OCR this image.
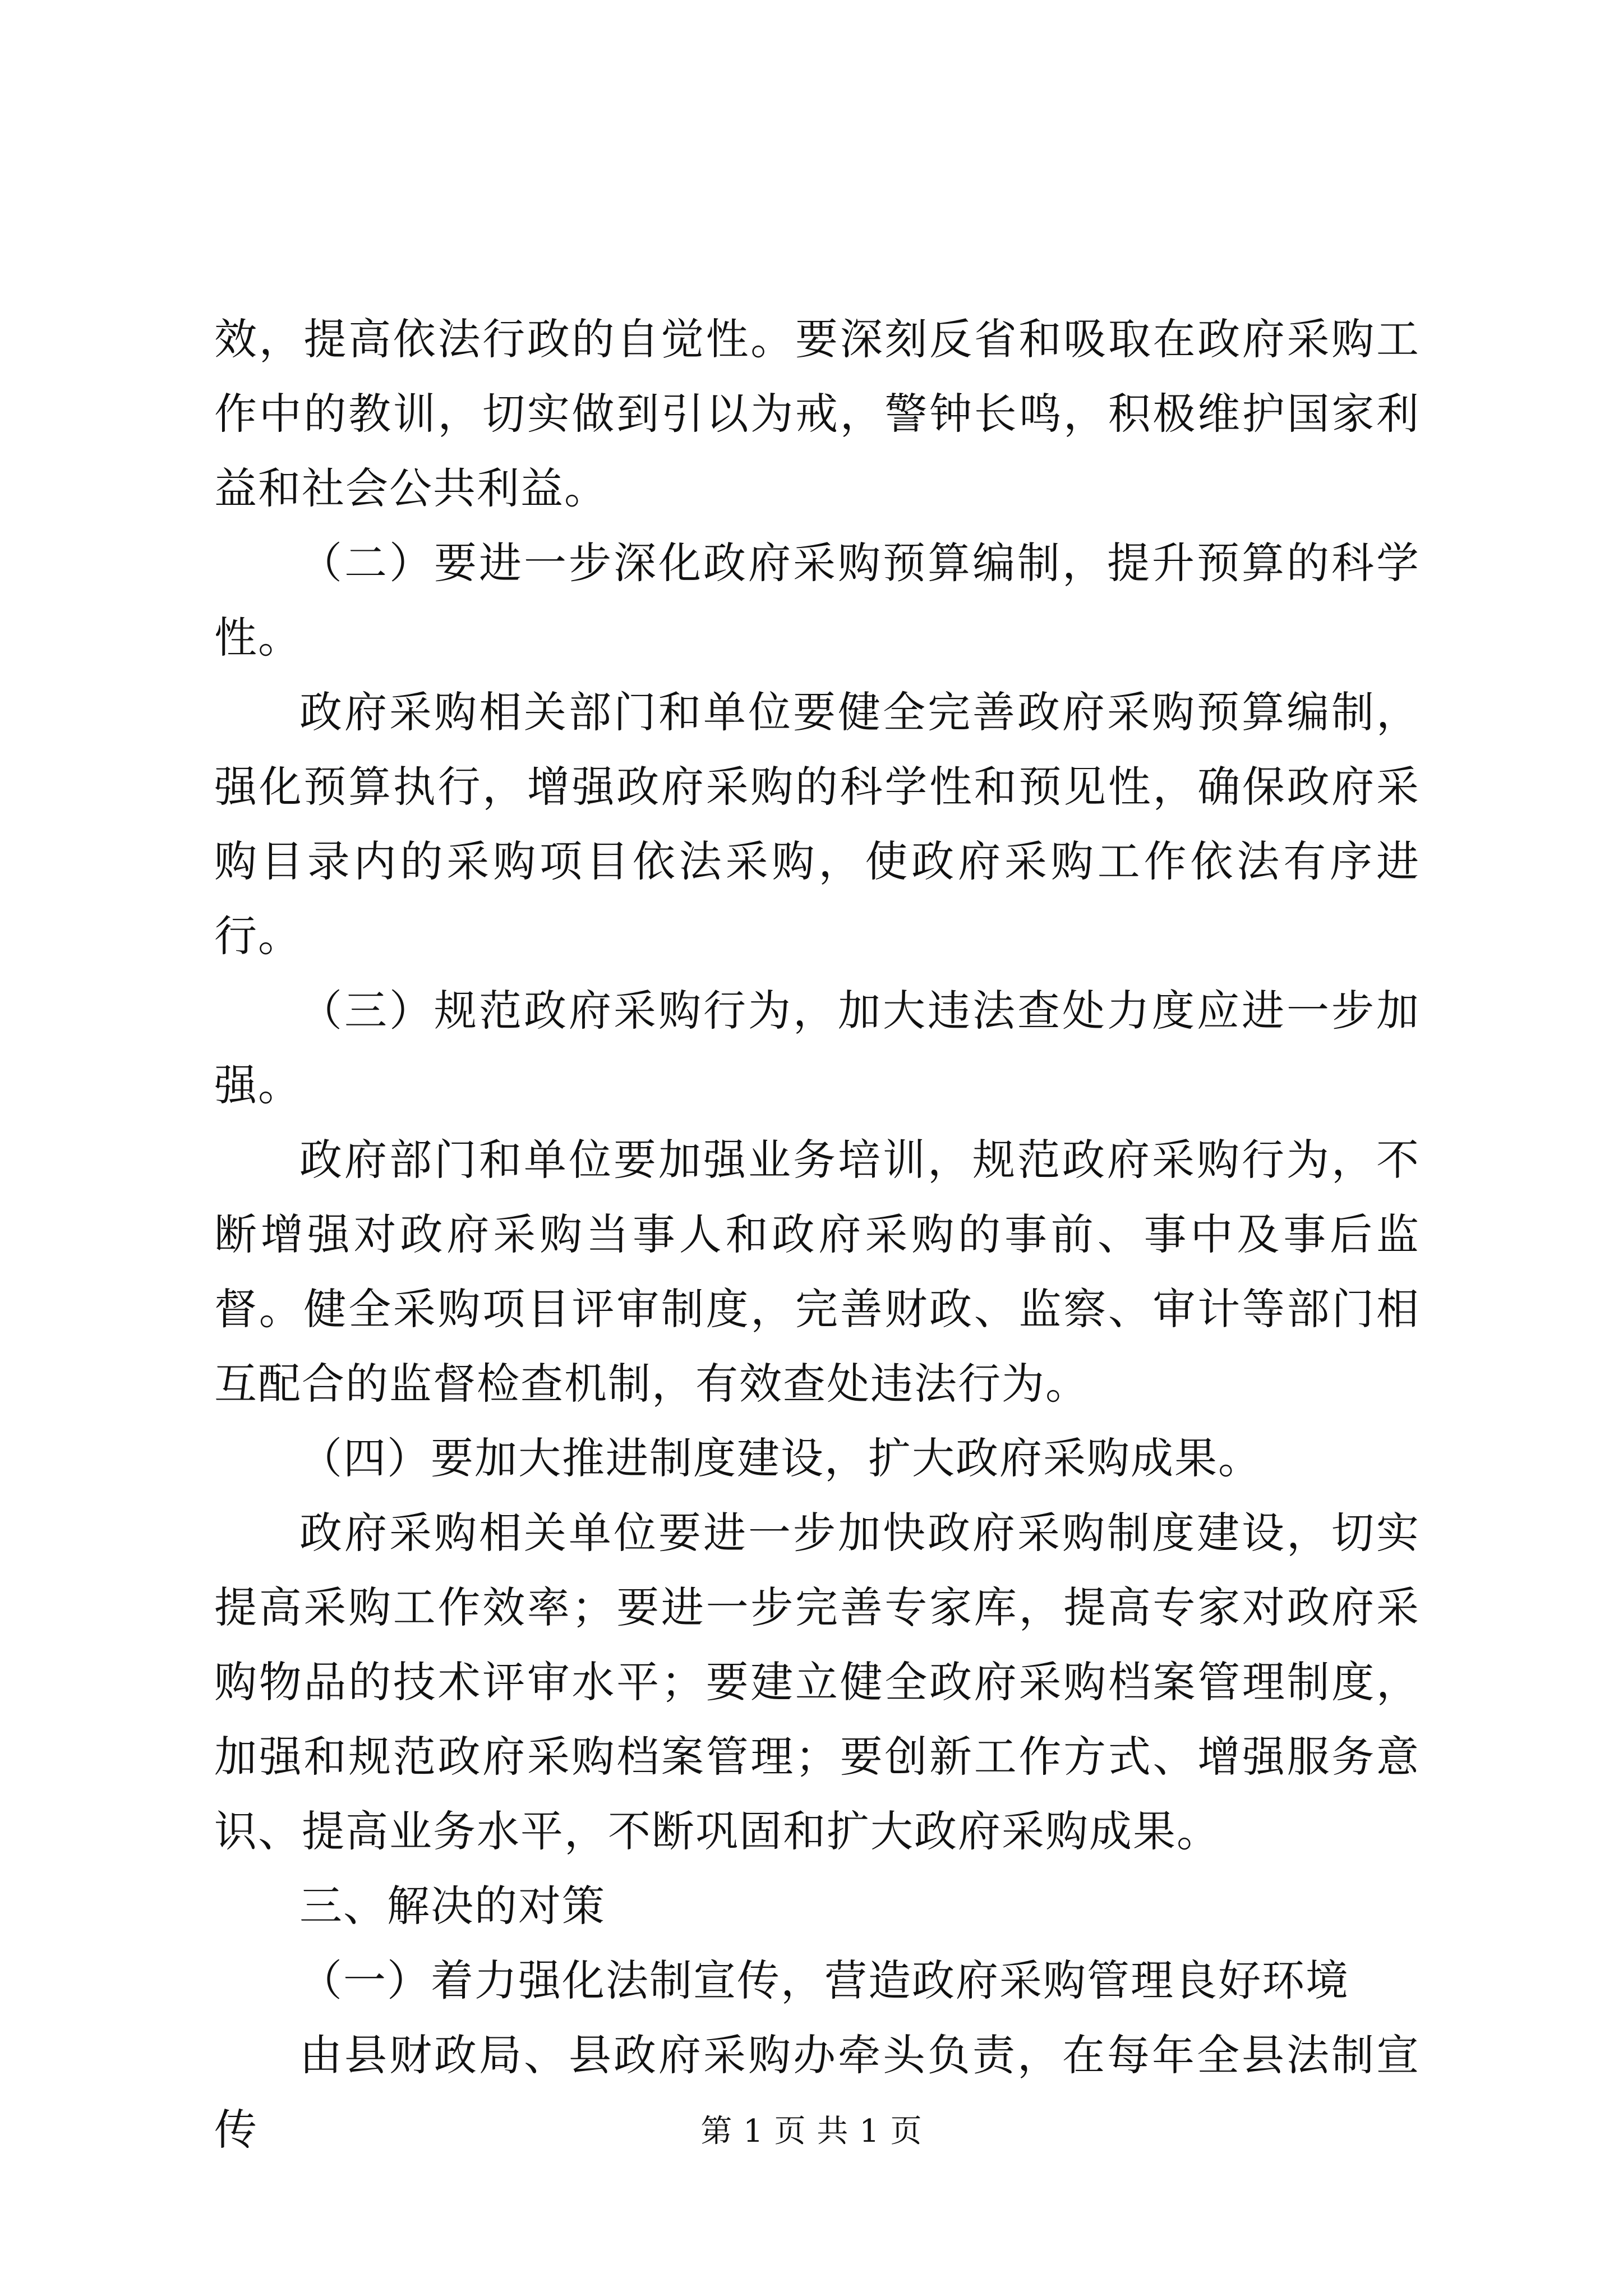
效，提高依法行政的自觉性。要深刻反省和吸取在政府采购工作中的教训，切实做到引以为戒，警钟长鸣，积极维护国家利益和社会公共利益。

（二）要进一步深化政府采购预算编制，提升预算的科学性。

政府采购相关部门和单位要健全完善政府采购预算编制，强化预算执行，增强政府采购的科学性和预见性，确保政府采购目录内的采购项目依法采购，使政府采购工作依法有序进行。

（三）规范政府采购行为，加大违法查处力度应进一步加强。

政府部门和单位要加强业务培训，规范政府采购行为，不断增强对政府采购当事人和政府采购的事前、事中及事后监督。健全采购项目评审制度，完善财政、监察、审计等部门相互配合的监督检查机制，有效查处违法行为。

（四）要加大推进制度建设，扩大政府采购成果。

政府采购相关单位要进一步加快政府采购制度建设，切实提高采购工作效率；要进一步完善专家库，提高专家对政府采购物品的技术评审水平；要建立健全政府采购档案管理制度，加强和规范政府采购档案管理；要创新工作方式、增强服务意识、提高业务水平，不断巩固和扩大政府采购成果。

三、解决的对策

（一）着力强化法制宣传，营造政府采购管理良好环境

由县财政局、县政府采购办牵头负责，在每年全县法制宣传	第 1 页 共 1 页
